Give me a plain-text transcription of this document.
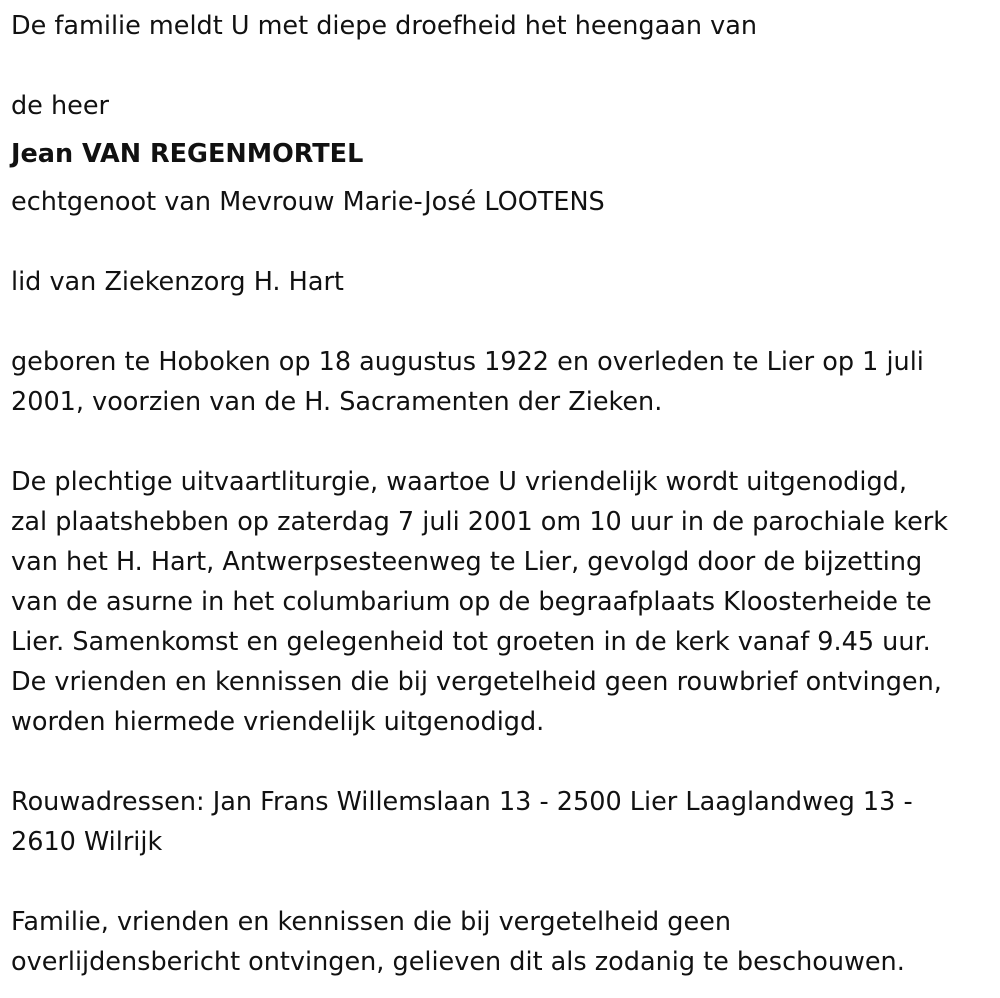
De familie meldt U met diepe droefheid het heengaan van

de heer

Jean VAN REGENMORTEL

echtgenoot van Mevrouw Marie-José LOOTENS

lid van Ziekenzorg H. Hart

geboren te Hoboken op 18 augustus 1922 en overleden te Lier op 1 juli

2001, voorzien van de H. Sacramenten der Zieken.

De plechtige uitvaartliturgie, waartoe U vriendelijk wordt uitgenodigd,

zal plaatshebben op zaterdag 7 juli 2001 om 10 uur in de parochiale kerk

van het H. Hart, Antwerpsesteenweg te Lier, gevolgd door de bijzetting

van de asurne in het columbarium op de begraafplaats Kloosterheide te

Lier. Samenkomst en gelegenheid tot groeten in de kerk vanaf 9.45 uur.

De vrienden en kennissen die bij vergetelheid geen rouwbrief ontvingen,

worden hiermede vriendelijk uitgenodigd.

Rouwadressen: Jan Frans Willemslaan 13 - 2500 Lier Laaglandweg 13 -

2610 Wilrijk

Familie, vrienden en kennissen die bij vergetelheid geen

overlijdensbericht ontvingen, gelieven dit als zodanig te beschouwen.
